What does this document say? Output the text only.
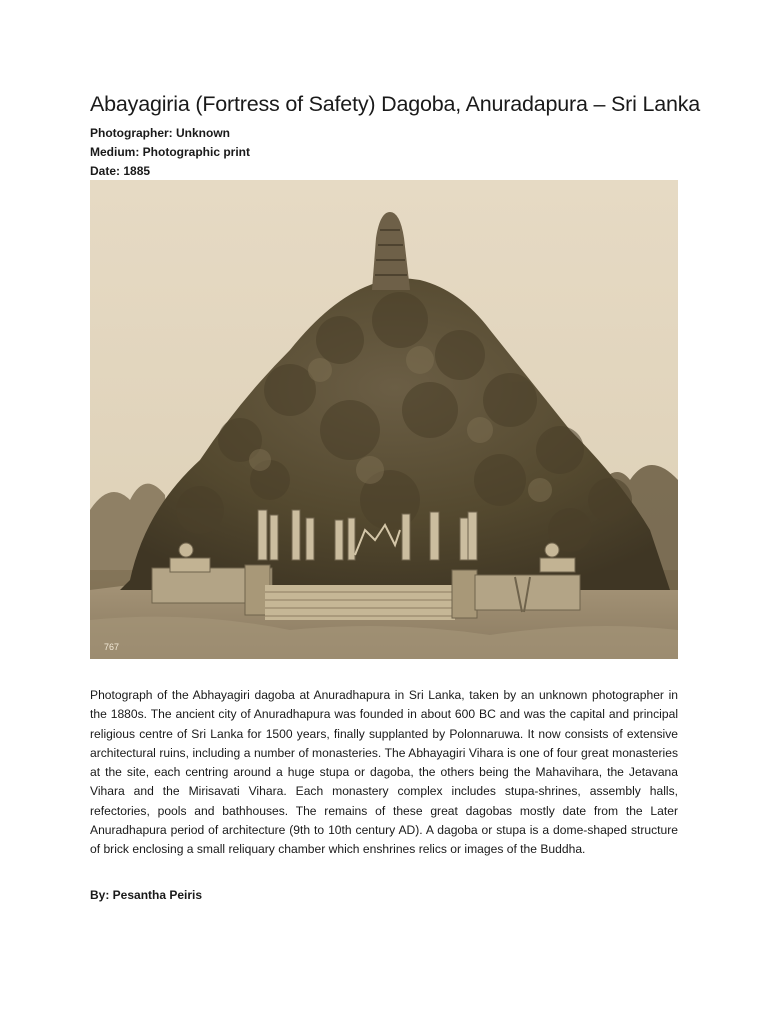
Abayagiria (Fortress of Safety) Dagoba, Anuradapura – Sri Lanka
Photographer: Unknown
Medium: Photographic print
Date: 1885
767

Photograph of the Abhayagiri dagoba at Anuradhapura in Sri Lanka, taken by an unknown photographer in the 1880s. The ancient city of Anuradhapura was founded in about 600 BC and was the capital and principal religious centre of Sri Lanka for 1500 years, finally supplanted by Polonnaruwa. It now consists of extensive architectural ruins, including a number of monasteries. The Abhayagiri Vihara is one of four great monasteries at the site, each centring around a huge stupa or dagoba, the others being the Mahavihara, the Jetavana Vihara and the Mirisavati Vihara. Each monastery complex includes stupa-shrines, assembly halls, refectories, pools and bathhouses. The remains of these great dagobas mostly date from the Later Anuradhapura period of architecture (9th to 10th century AD). A dagoba or stupa is a dome-shaped structure of brick enclosing a small reliquary chamber which enshrines relics or images of the Buddha.

By: Pesantha Peiris
